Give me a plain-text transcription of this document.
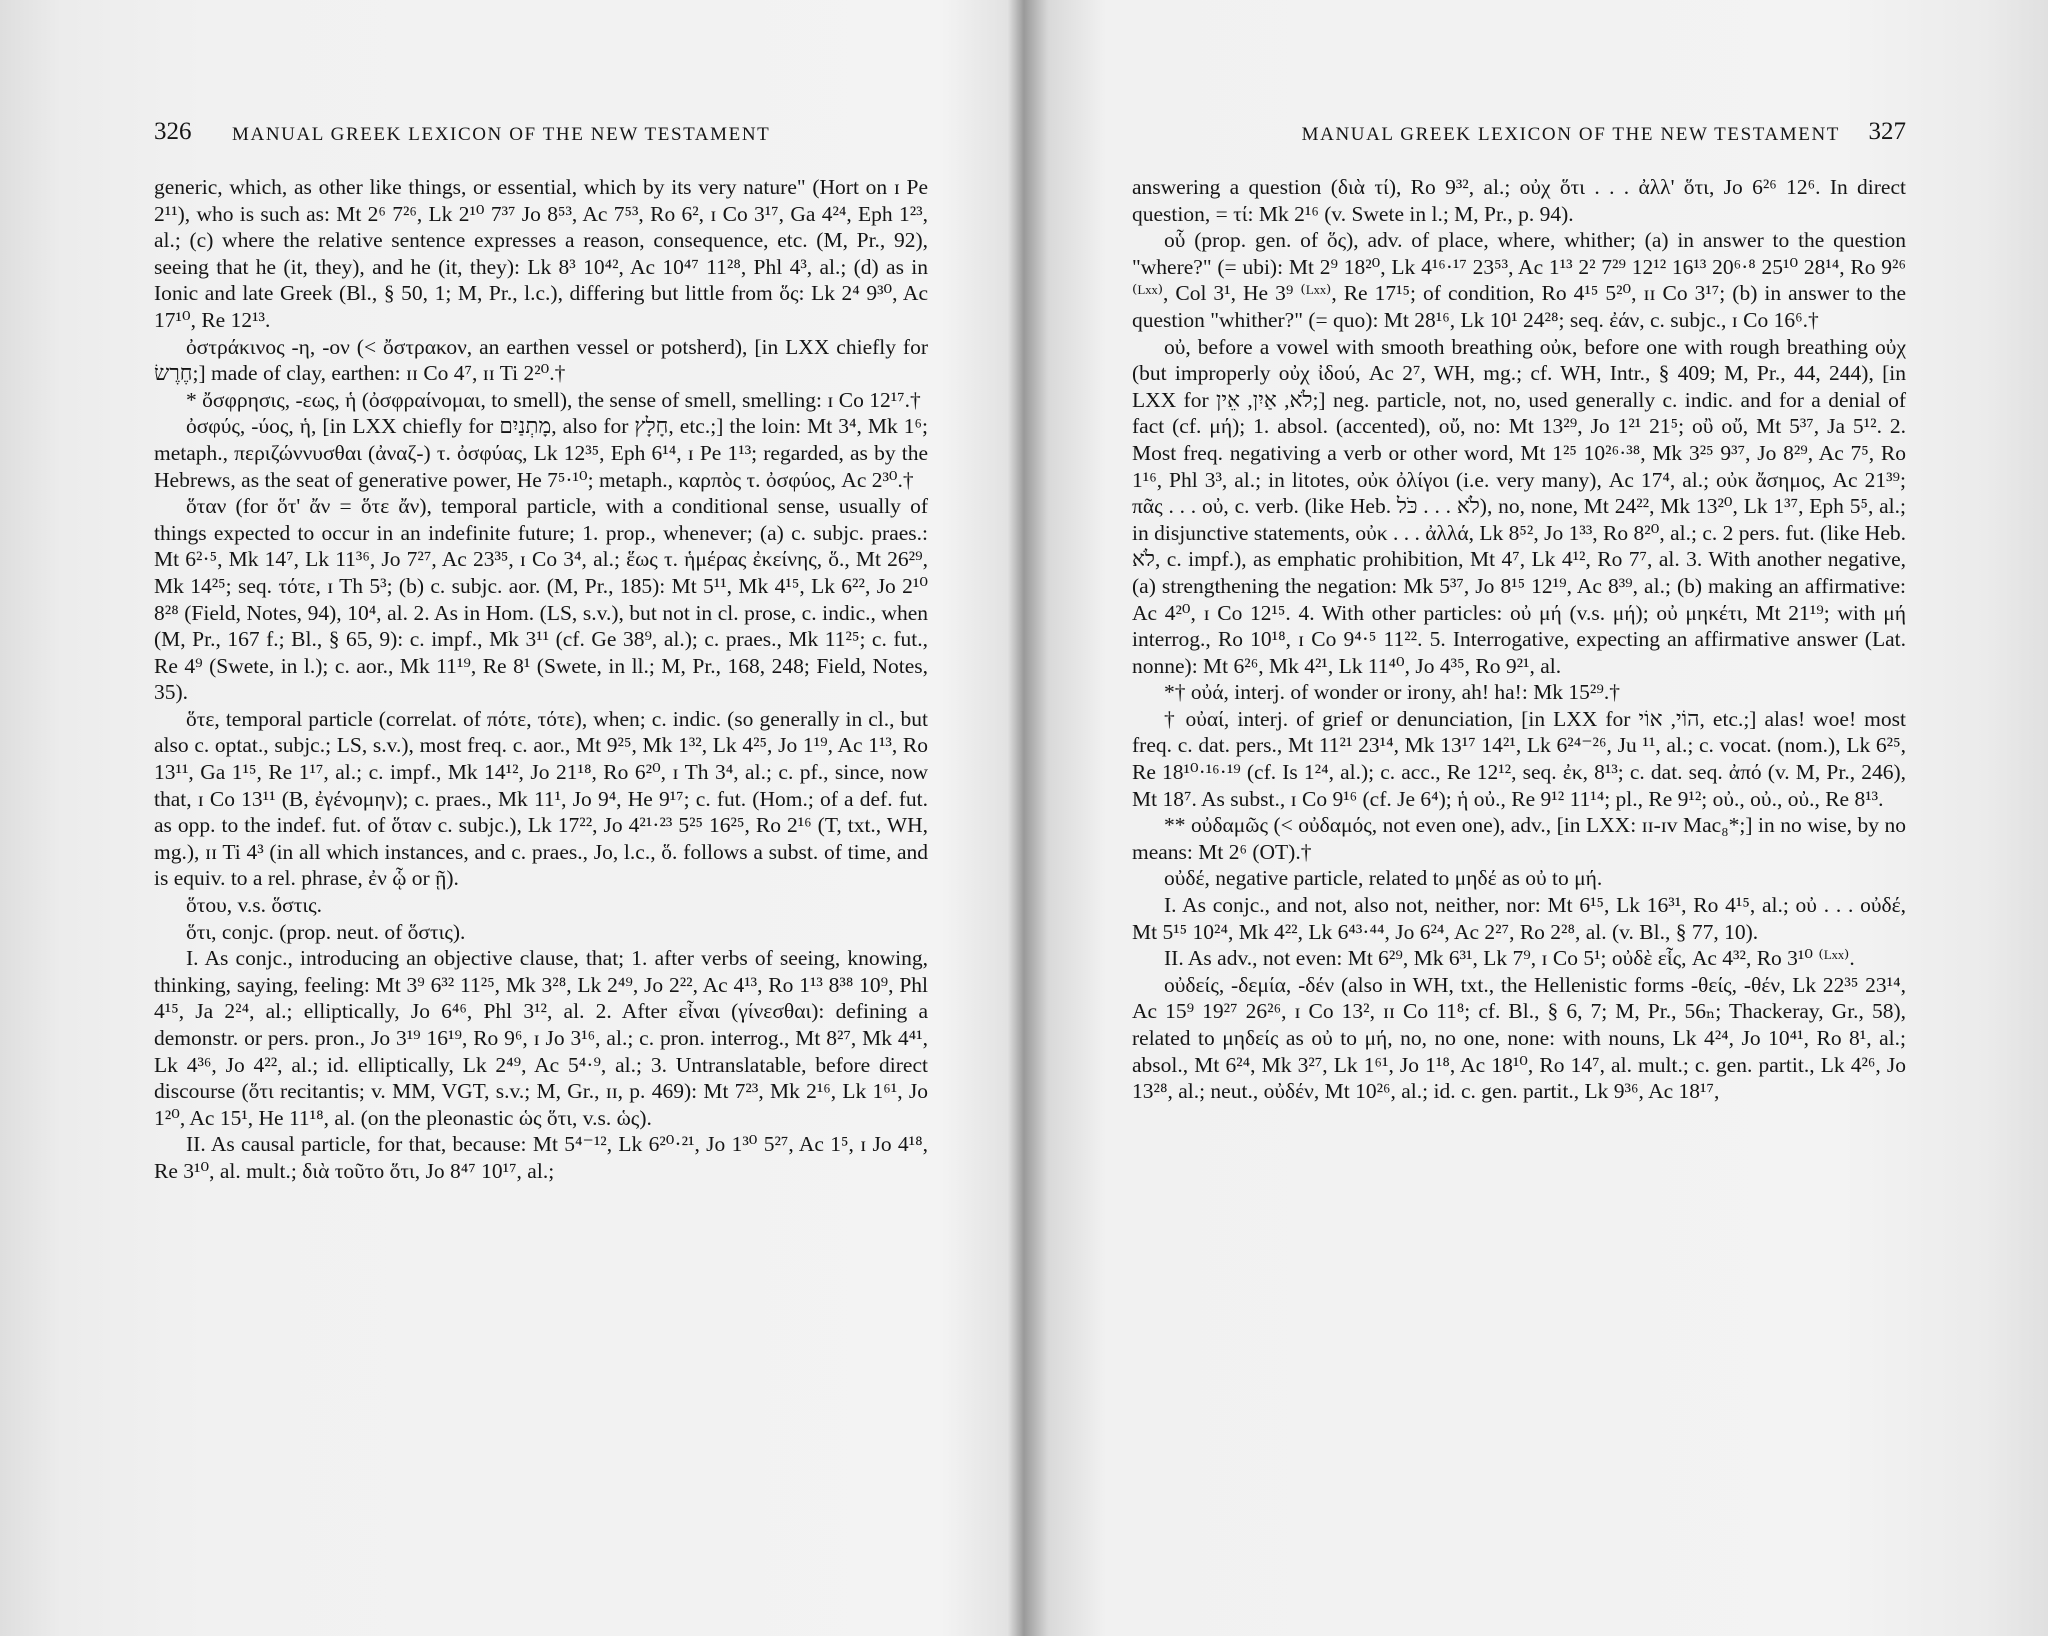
326 MANUAL GREEK LEXICON OF THE NEW TESTAMENT

generic, which, as other like things, or essential, which by its very nature" (Hort on ɪ Pe 2¹¹), who is such as: Mt 2⁶ 7²⁶, Lk 2¹⁰ 7³⁷ Jo 8⁵³, Ac 7⁵³, Ro 6², ɪ Co 3¹⁷, Ga 4²⁴, Eph 1²³, al.; (c) where the relative sentence expresses a reason, consequence, etc. (M, Pr., 92), seeing that he (it, they), and he (it, they): Lk 8³ 10⁴², Ac 10⁴⁷ 11²⁸, Phl 4³, al.; (d) as in Ionic and late Greek (Bl., § 50, 1; M, Pr., l.c.), differing but little from ὅς: Lk 2⁴ 9³⁰, Ac 17¹⁰, Re 12¹³.

ὀστράκινος -η, -ον (< ὄστρακον, an earthen vessel or potsherd), [in LXX chiefly for חֶרֶשׂ;] made of clay, earthen: ɪɪ Co 4⁷, ɪɪ Ti 2²⁰.†

* ὄσφρησις, -εως, ἡ (ὀσφραίνομαι, to smell), the sense of smell, smelling: ɪ Co 12¹⁷.†

ὀσφύς, -ύος, ἡ, [in LXX chiefly for מָתְנַיִם, also for חָלָץ, etc.;] the loin: Mt 3⁴, Mk 1⁶; metaph., περιζώννυσθαι (ἀναζ-) τ. ὀσφύας, Lk 12³⁵, Eph 6¹⁴, ɪ Pe 1¹³; regarded, as by the Hebrews, as the seat of generative power, He 7⁵·¹⁰; metaph., καρπὸς τ. ὀσφύος, Ac 2³⁰.†

ὅταν (for ὅτ' ἄν = ὅτε ἄν), temporal particle, with a conditional sense, usually of things expected to occur in an indefinite future; 1. prop., whenever; (a) c. subjc. praes.: Mt 6²·⁵, Mk 14⁷, Lk 11³⁶, Jo 7²⁷, Ac 23³⁵, ɪ Co 3⁴, al.; ἕως τ. ἡμέρας ἐκείνης, ὅ., Mt 26²⁹, Mk 14²⁵; seq. τότε, ɪ Th 5³; (b) c. subjc. aor. (M, Pr., 185): Mt 5¹¹, Mk 4¹⁵, Lk 6²², Jo 2¹⁰ 8²⁸ (Field, Notes, 94), 10⁴, al. 2. As in Hom. (LS, s.v.), but not in cl. prose, c. indic., when (M, Pr., 167 f.; Bl., § 65, 9): c. impf., Mk 3¹¹ (cf. Ge 38⁹, al.); c. praes., Mk 11²⁵; c. fut., Re 4⁹ (Swete, in l.); c. aor., Mk 11¹⁹, Re 8¹ (Swete, in ll.; M, Pr., 168, 248; Field, Notes, 35).

ὅτε, temporal particle (correlat. of πότε, τότε), when; c. indic. (so generally in cl., but also c. optat., subjc.; LS, s.v.), most freq. c. aor., Mt 9²⁵, Mk 1³², Lk 4²⁵, Jo 1¹⁹, Ac 1¹³, Ro 13¹¹, Ga 1¹⁵, Re 1¹⁷, al.; c. impf., Mk 14¹², Jo 21¹⁸, Ro 6²⁰, ɪ Th 3⁴, al.; c. pf., since, now that, ɪ Co 13¹¹ (B, ἐγένομην); c. praes., Mk 11¹, Jo 9⁴, He 9¹⁷; c. fut. (Hom.; of a def. fut. as opp. to the indef. fut. of ὅταν c. subjc.), Lk 17²², Jo 4²¹·²³ 5²⁵ 16²⁵, Ro 2¹⁶ (T, txt., WH, mg.), ɪɪ Ti 4³ (in all which instances, and c. praes., Jo, l.c., ὅ. follows a subst. of time, and is equiv. to a rel. phrase, ἐν ᾧ or ῇ).

ὅτου, v.s. ὅστις.

ὅτι, conjc. (prop. neut. of ὅστις).

I. As conjc., introducing an objective clause, that; 1. after verbs of seeing, knowing, thinking, saying, feeling: Mt 3⁹ 6³² 11²⁵, Mk 3²⁸, Lk 2⁴⁹, Jo 2²², Ac 4¹³, Ro 1¹³ 8³⁸ 10⁹, Phl 4¹⁵, Ja 2²⁴, al.; elliptically, Jo 6⁴⁶, Phl 3¹², al. 2. After εἶναι (γίνεσθαι): defining a demonstr. or pers. pron., Jo 3¹⁹ 16¹⁹, Ro 9⁶, ɪ Jo 3¹⁶, al.; c. pron. interrog., Mt 8²⁷, Mk 4⁴¹, Lk 4³⁶, Jo 4²², al.; id. elliptically, Lk 2⁴⁹, Ac 5⁴·⁹, al.; 3. Untranslatable, before direct discourse (ὅτι recitantis; v. MM, VGT, s.v.; M, Gr., ɪɪ, p. 469): Mt 7²³, Mk 2¹⁶, Lk 1⁶¹, Jo 1²⁰, Ac 15¹, He 11¹⁸, al. (on the pleonastic ὡς ὅτι, v.s. ὡς).

II. As causal particle, for that, because: Mt 5⁴⁻¹², Lk 6²⁰·²¹, Jo 1³⁰ 5²⁷, Ac 1⁵, ɪ Jo 4¹⁸, Re 3¹⁰, al. mult.; διὰ τοῦτο ὅτι, Jo 8⁴⁷ 10¹⁷, al.;

MANUAL GREEK LEXICON OF THE NEW TESTAMENT 327

answering a question (διὰ τί), Ro 9³², al.; οὐχ ὅτι . . . ἀλλ' ὅτι, Jo 6²⁶ 12⁶. In direct question, = τί: Mk 2¹⁶ (v. Swete in l.; M, Pr., p. 94).

οὗ (prop. gen. of ὅς), adv. of place, where, whither; (a) in answer to the question "where?" (= ubi): Mt 2⁹ 18²⁰, Lk 4¹⁶·¹⁷ 23⁵³, Ac 1¹³ 2² 7²⁹ 12¹² 16¹³ 20⁶·⁸ 25¹⁰ 28¹⁴, Ro 9²⁶ ⁽ᴸˣˣ⁾, Col 3¹, He 3⁹ ⁽ᴸˣˣ⁾, Re 17¹⁵; of condition, Ro 4¹⁵ 5²⁰, ɪɪ Co 3¹⁷; (b) in answer to the question "whither?" (= quo): Mt 28¹⁶, Lk 10¹ 24²⁸; seq. ἐάν, c. subjc., ɪ Co 16⁶.†

οὐ, before a vowel with smooth breathing οὐκ, before one with rough breathing οὐχ (but improperly οὐχ ἰδού, Ac 2⁷, WH, mg.; cf. WH, Intr., § 409; M, Pr., 44, 244), [in LXX for לֹא, אַיִן, אֵין;] neg. particle, not, no, used generally c. indic. and for a denial of fact (cf. μή); 1. absol. (accented), οὔ, no: Mt 13²⁹, Jo 1²¹ 21⁵; οὒ οὔ, Mt 5³⁷, Ja 5¹². 2. Most freq. negativing a verb or other word, Mt 1²⁵ 10²⁶·³⁸, Mk 3²⁵ 9³⁷, Jo 8²⁹, Ac 7⁵, Ro 1¹⁶, Phl 3³, al.; in litotes, οὐκ ὀλίγοι (i.e. very many), Ac 17⁴, al.; οὐκ ἄσημος, Ac 21³⁹; πᾶς . . . οὐ, c. verb. (like Heb. לֹא . . . כֹּל), no, none, Mt 24²², Mk 13²⁰, Lk 1³⁷, Eph 5⁵, al.; in disjunctive statements, οὐκ . . . ἀλλά, Lk 8⁵², Jo 1³³, Ro 8²⁰, al.; c. 2 pers. fut. (like Heb. לֹא, c. impf.), as emphatic prohibition, Mt 4⁷, Lk 4¹², Ro 7⁷, al. 3. With another negative, (a) strengthening the negation: Mk 5³⁷, Jo 8¹⁵ 12¹⁹, Ac 8³⁹, al.; (b) making an affirmative: Ac 4²⁰, ɪ Co 12¹⁵. 4. With other particles: οὐ μή (v.s. μή); οὐ μηκέτι, Mt 21¹⁹; with μή interrog., Ro 10¹⁸, ɪ Co 9⁴·⁵ 11²². 5. Interrogative, expecting an affirmative answer (Lat. nonne): Mt 6²⁶, Mk 4²¹, Lk 11⁴⁰, Jo 4³⁵, Ro 9²¹, al.

*† οὐά, interj. of wonder or irony, ah! ha!: Mk 15²⁹.†

† οὐαί, interj. of grief or denunciation, [in LXX for הוֹי, אוֹי, etc.;] alas! woe! most freq. c. dat. pers., Mt 11²¹ 23¹⁴, Mk 13¹⁷ 14²¹, Lk 6²⁴⁻²⁶, Ju ¹¹, al.; c. vocat. (nom.), Lk 6²⁵, Re 18¹⁰·¹⁶·¹⁹ (cf. Is 1²⁴, al.); c. acc., Re 12¹², seq. ἐκ, 8¹³; c. dat. seq. ἀπό (v. M, Pr., 246), Mt 18⁷. As subst., ɪ Co 9¹⁶ (cf. Je 6⁴); ἡ οὐ., Re 9¹² 11¹⁴; pl., Re 9¹²; οὐ., οὐ., οὐ., Re 8¹³.

** οὐδαμῶς (< οὐδαμός, not even one), adv., [in LXX: ɪɪ-ɪᴠ Mac₈*;] in no wise, by no means: Mt 2⁶ (OT).†

οὐδέ, negative particle, related to μηδέ as οὐ to μή.

I. As conjc., and not, also not, neither, nor: Mt 6¹⁵, Lk 16³¹, Ro 4¹⁵, al.; οὐ . . . οὐδέ, Mt 5¹⁵ 10²⁴, Mk 4²², Lk 6⁴³·⁴⁴, Jo 6²⁴, Ac 2²⁷, Ro 2²⁸, al. (v. Bl., § 77, 10).

II. As adv., not even: Mt 6²⁹, Mk 6³¹, Lk 7⁹, ɪ Co 5¹; οὐδὲ εἷς, Ac 4³², Ro 3¹⁰ ⁽ᴸˣˣ⁾.

οὐδείς, -δεμία, -δέν (also in WH, txt., the Hellenistic forms -θείς, -θέν, Lk 22³⁵ 23¹⁴, Ac 15⁹ 19²⁷ 26²⁶, ɪ Co 13², ɪɪ Co 11⁸; cf. Bl., § 6, 7; M, Pr., 56ₙ; Thackeray, Gr., 58), related to μηδείς as οὐ to μή, no, no one, none: with nouns, Lk 4²⁴, Jo 10⁴¹, Ro 8¹, al.; absol., Mt 6²⁴, Mk 3²⁷, Lk 1⁶¹, Jo 1¹⁸, Ac 18¹⁰, Ro 14⁷, al. mult.; c. gen. partit., Lk 4²⁶, Jo 13²⁸, al.; neut., οὐδέν, Mt 10²⁶, al.; id. c. gen. partit., Lk 9³⁶, Ac 18¹⁷,
